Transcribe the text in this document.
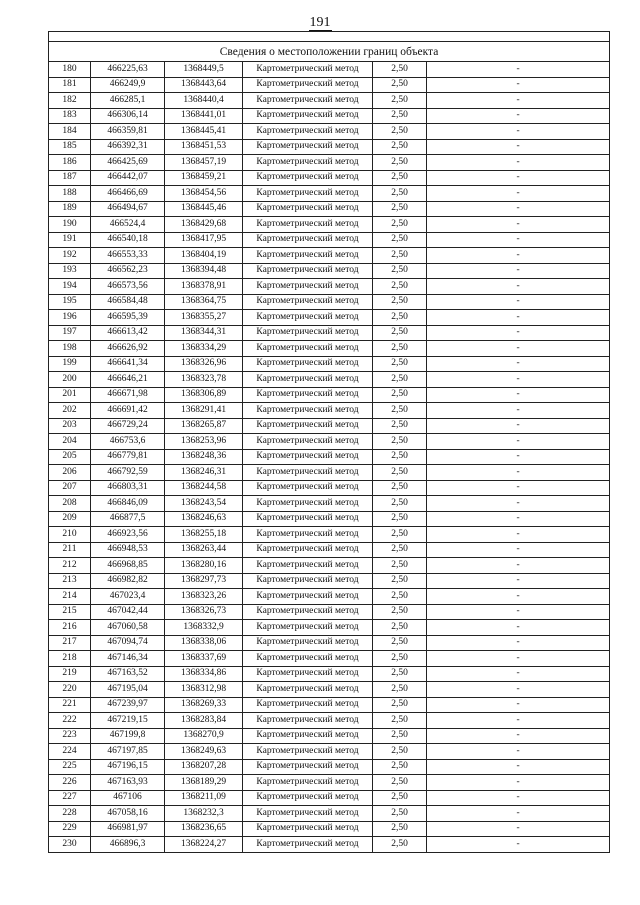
191

Сведения о местоположении границ объекта					
180	466225,63	1368449,5	Картометрический метод	2,50	-
181	466249,9	1368443,64	Картометрический метод	2,50	-
182	466285,1	1368440,4	Картометрический метод	2,50	-
183	466306,14	1368441,01	Картометрический метод	2,50	-
184	466359,81	1368445,41	Картометрический метод	2,50	-
185	466392,31	1368451,53	Картометрический метод	2,50	-
186	466425,69	1368457,19	Картометрический метод	2,50	-
187	466442,07	1368459,21	Картометрический метод	2,50	-
188	466466,69	1368454,56	Картометрический метод	2,50	-
189	466494,67	1368445,46	Картометрический метод	2,50	-
190	466524,4	1368429,68	Картометрический метод	2,50	-
191	466540,18	1368417,95	Картометрический метод	2,50	-
192	466553,33	1368404,19	Картометрический метод	2,50	-
193	466562,23	1368394,48	Картометрический метод	2,50	-
194	466573,56	1368378,91	Картометрический метод	2,50	-
195	466584,48	1368364,75	Картометрический метод	2,50	-
196	466595,39	1368355,27	Картометрический метод	2,50	-
197	466613,42	1368344,31	Картометрический метод	2,50	-
198	466626,92	1368334,29	Картометрический метод	2,50	-
199	466641,34	1368326,96	Картометрический метод	2,50	-
200	466646,21	1368323,78	Картометрический метод	2,50	-
201	466671,98	1368306,89	Картометрический метод	2,50	-
202	466691,42	1368291,41	Картометрический метод	2,50	-
203	466729,24	1368265,87	Картометрический метод	2,50	-
204	466753,6	1368253,96	Картометрический метод	2,50	-
205	466779,81	1368248,36	Картометрический метод	2,50	-
206	466792,59	1368246,31	Картометрический метод	2,50	-
207	466803,31	1368244,58	Картометрический метод	2,50	-
208	466846,09	1368243,54	Картометрический метод	2,50	-
209	466877,5	1368246,63	Картометрический метод	2,50	-
210	466923,56	1368255,18	Картометрический метод	2,50	-
211	466948,53	1368263,44	Картометрический метод	2,50	-
212	466968,85	1368280,16	Картометрический метод	2,50	-
213	466982,82	1368297,73	Картометрический метод	2,50	-
214	467023,4	1368323,26	Картометрический метод	2,50	-
215	467042,44	1368326,73	Картометрический метод	2,50	-
216	467060,58	1368332,9	Картометрический метод	2,50	-
217	467094,74	1368338,06	Картометрический метод	2,50	-
218	467146,34	1368337,69	Картометрический метод	2,50	-
219	467163,52	1368334,86	Картометрический метод	2,50	-
220	467195,04	1368312,98	Картометрический метод	2,50	-
221	467239,97	1368269,33	Картометрический метод	2,50	-
222	467219,15	1368283,84	Картометрический метод	2,50	-
223	467199,8	1368270,9	Картометрический метод	2,50	-
224	467197,85	1368249,63	Картометрический метод	2,50	-
225	467196,15	1368207,28	Картометрический метод	2,50	-
226	467163,93	1368189,29	Картометрический метод	2,50	-
227	467106	1368211,09	Картометрический метод	2,50	-
228	467058,16	1368232,3	Картометрический метод	2,50	-
229	466981,97	1368236,65	Картометрический метод	2,50	-
230	466896,3	1368224,27	Картометрический метод	2,50	-
